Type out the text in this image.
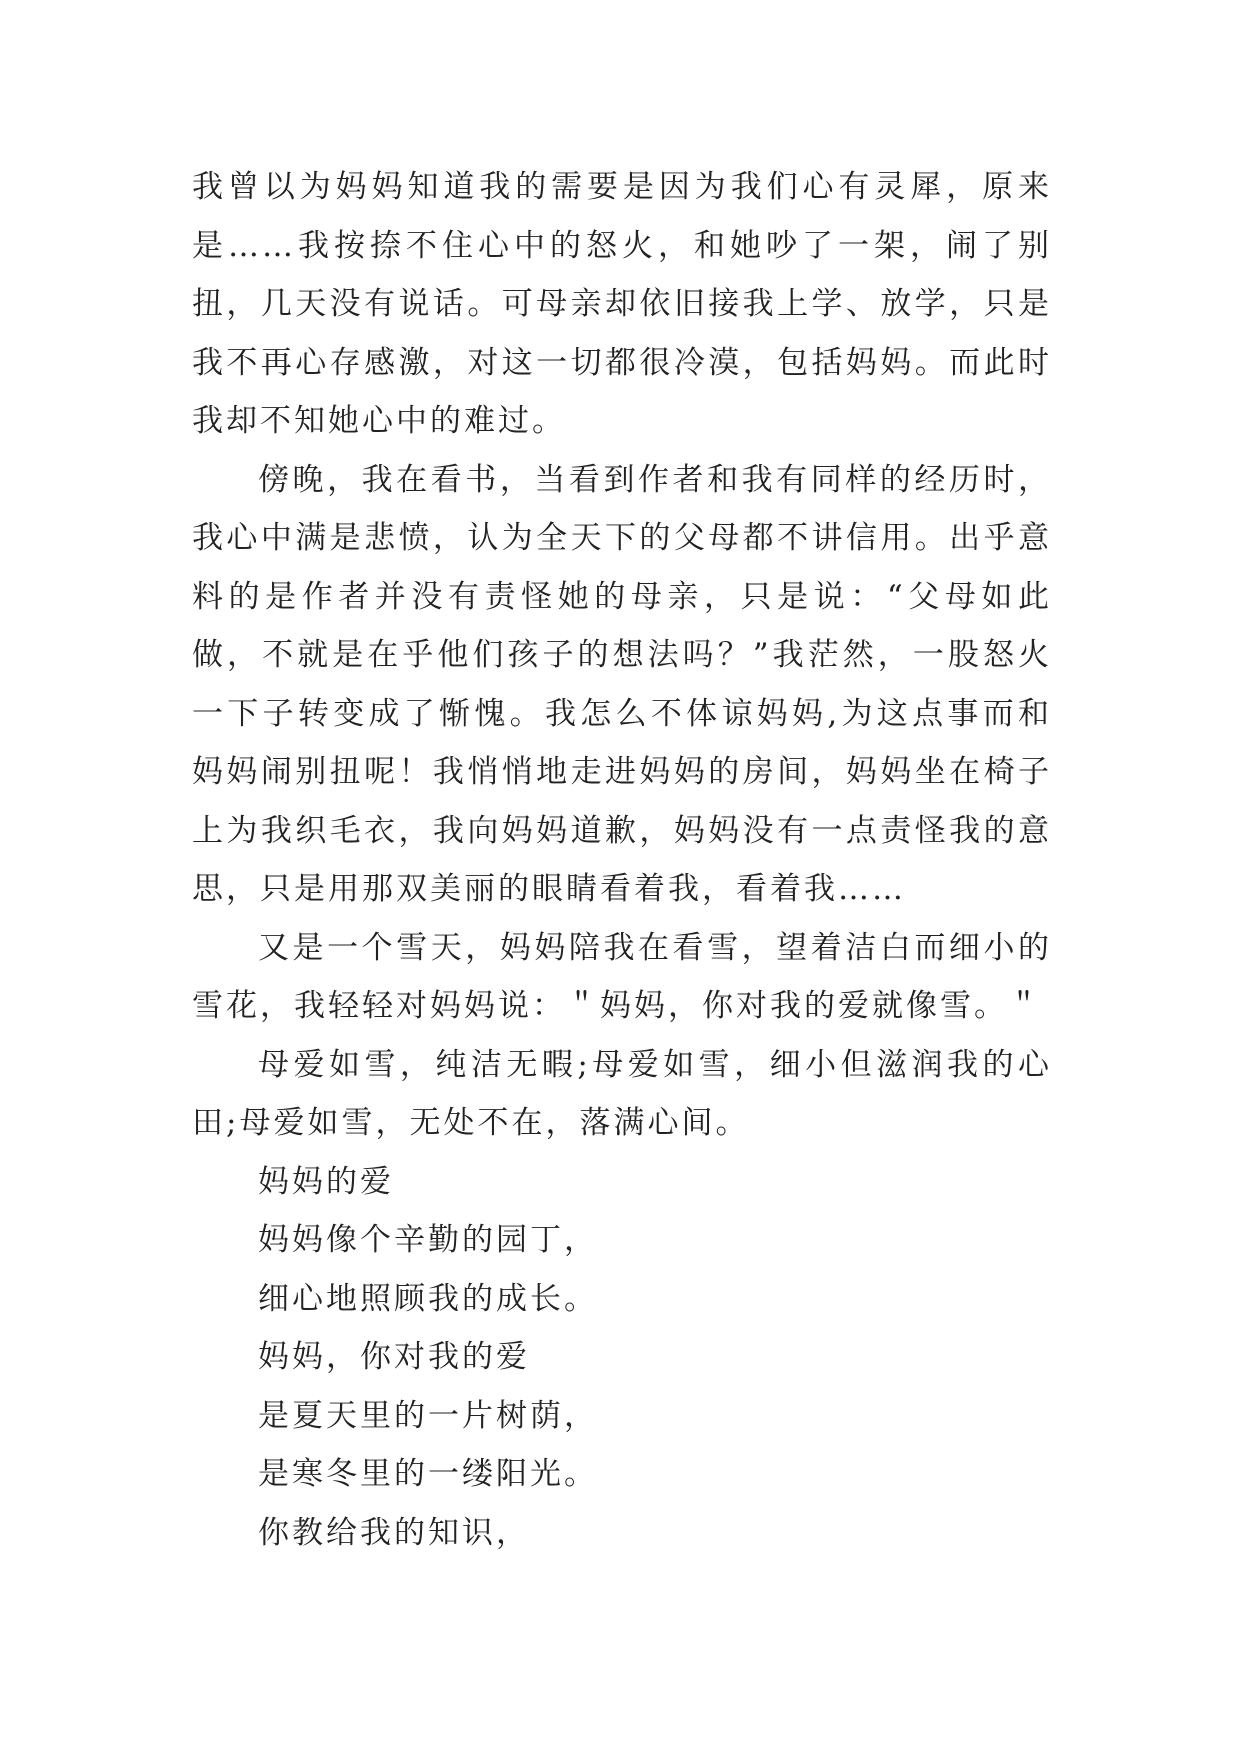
我曾以为妈妈知道我的需要是因为我们心有灵犀，原来是……我按捺不住心中的怒火，和她吵了一架，闹了别扭，几天没有说话。可母亲却依旧接我上学、放学，只是我不再心存感激，对这一切都很冷漠，包括妈妈。而此时我却不知她心中的难过。

傍晚，我在看书，当看到作者和我有同样的经历时，我心中满是悲愤，认为全天下的父母都不讲信用。出乎意料的是作者并没有责怪她的母亲，只是说：“父母如此做，不就是在乎他们孩子的想法吗？”我茫然，一股怒火一下子转变成了惭愧。我怎么不体谅妈妈,为这点事而和妈妈闹别扭呢！我悄悄地走进妈妈的房间，妈妈坐在椅子上为我织毛衣，我向妈妈道歉，妈妈没有一点责怪我的意思，只是用那双美丽的眼睛看着我，看着我……

又是一个雪天，妈妈陪我在看雪，望着洁白而细小的雪花，我轻轻对妈妈说：＂妈妈，你对我的爱就像雪。＂

母爱如雪，纯洁无暇;母爱如雪，细小但滋润我的心田;母爱如雪，无处不在，落满心间。

妈妈的爱

妈妈像个辛勤的园丁，

细心地照顾我的成长。

妈妈，你对我的爱

是夏天里的一片树荫，

是寒冬里的一缕阳光。

你教给我的知识，
